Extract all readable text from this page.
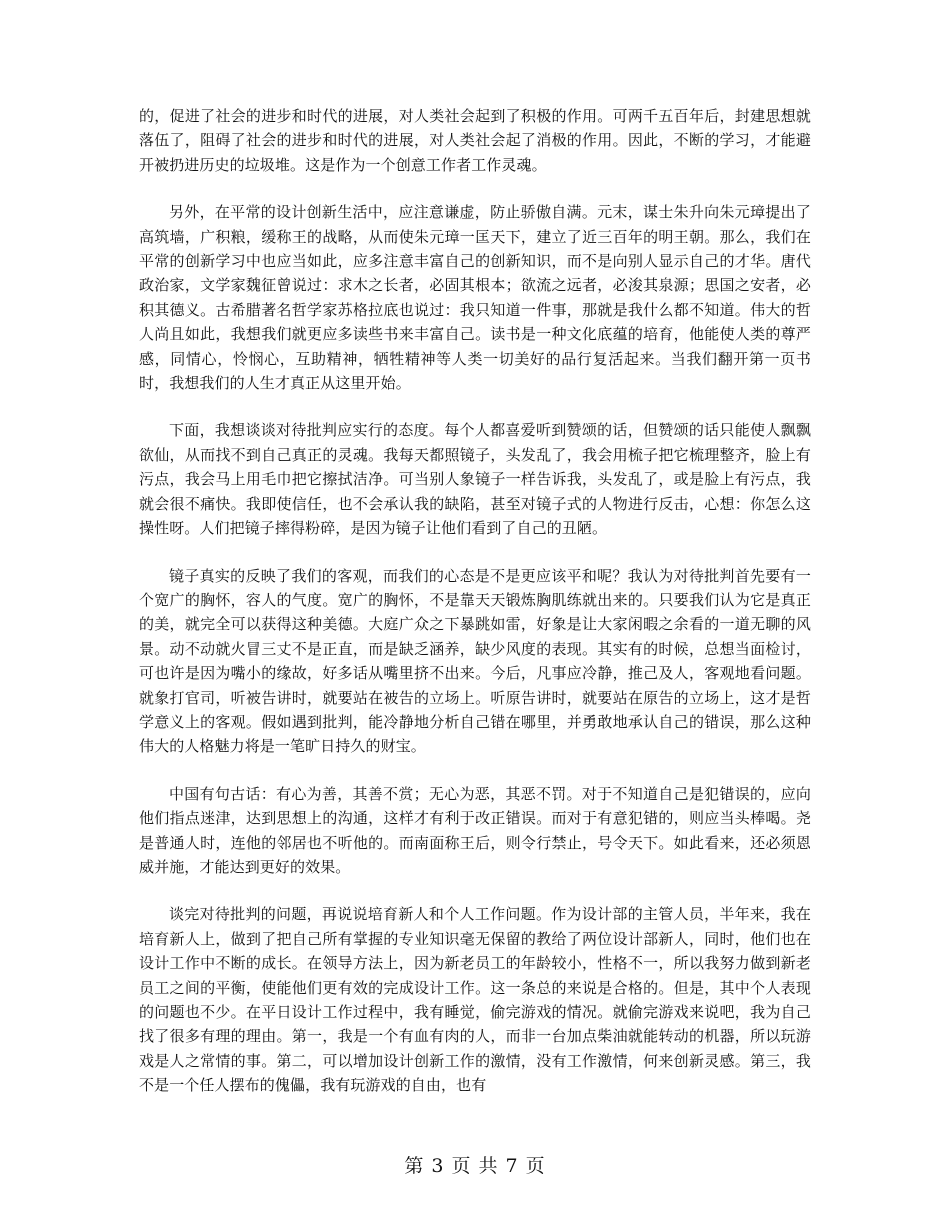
的，促进了社会的进步和时代的进展，对人类社会起到了积极的作用。可两千五百年后，封建思想就落伍了，阻碍了社会的进步和时代的进展，对人类社会起了消极的作用。因此，不断的学习，才能避开被扔进历史的垃圾堆。这是作为一个创意工作者工作灵魂。

另外，在平常的设计创新生活中，应注意谦虚，防止骄傲自满。元末，谋士朱升向朱元璋提出了高筑墙，广积粮，缓称王的战略，从而使朱元璋一匡天下，建立了近三百年的明王朝。那么，我们在平常的创新学习中也应当如此，应多注意丰富自己的创新知识，而不是向别人显示自己的才华。唐代政治家，文学家魏征曾说过：求木之长者，必固其根本；欲流之远者，必浚其泉源；思国之安者，必积其德义。古希腊著名哲学家苏格拉底也说过：我只知道一件事，那就是我什么都不知道。伟大的哲人尚且如此，我想我们就更应多读些书来丰富自己。读书是一种文化底蕴的培育，他能使人类的尊严感，同情心，怜悯心，互助精神，牺牲精神等人类一切美好的品行复活起来。当我们翻开第一页书时，我想我们的人生才真正从这里开始。

下面，我想谈谈对待批判应实行的态度。每个人都喜爱听到赞颂的话，但赞颂的话只能使人飘飘欲仙，从而找不到自己真正的灵魂。我每天都照镜子，头发乱了，我会用梳子把它梳理整齐，脸上有污点，我会马上用毛巾把它擦拭洁净。可当别人象镜子一样告诉我，头发乱了，或是脸上有污点，我就会很不痛快。我即使信任，也不会承认我的缺陷，甚至对镜子式的人物进行反击，心想：你怎么这操性呀。人们把镜子摔得粉碎，是因为镜子让他们看到了自己的丑陋。

镜子真实的反映了我们的客观，而我们的心态是不是更应该平和呢？我认为对待批判首先要有一个宽广的胸怀，容人的气度。宽广的胸怀，不是靠天天锻炼胸肌练就出来的。只要我们认为它是真正的美，就完全可以获得这种美德。大庭广众之下暴跳如雷，好象是让大家闲暇之余看的一道无聊的风景。动不动就火冒三丈不是正直，而是缺乏涵养，缺少风度的表现。其实有的时候，总想当面检讨，可也许是因为嘴小的缘故，好多话从嘴里挤不出来。今后，凡事应冷静，推己及人，客观地看问题。就象打官司，听被告讲时，就要站在被告的立场上。听原告讲时，就要站在原告的立场上，这才是哲学意义上的客观。假如遇到批判，能冷静地分析自己错在哪里，并勇敢地承认自己的错误，那么这种伟大的人格魅力将是一笔旷日持久的财宝。

中国有句古话：有心为善，其善不赏；无心为恶，其恶不罚。对于不知道自己是犯错误的，应向他们指点迷津，达到思想上的沟通，这样才有利于改正错误。而对于有意犯错的，则应当头棒喝。尧是普通人时，连他的邻居也不听他的。而南面称王后，则令行禁止，号令天下。如此看来，还必须恩威并施，才能达到更好的效果。

谈完对待批判的问题，再说说培育新人和个人工作问题。作为设计部的主管人员，半年来，我在培育新人上，做到了把自己所有掌握的专业知识毫无保留的教给了两位设计部新人，同时，他们也在设计工作中不断的成长。在领导方法上，因为新老员工的年龄较小，性格不一，所以我努力做到新老员工之间的平衡，使能他们更有效的完成设计工作。这一条总的来说是合格的。但是，其中个人表现的问题也不少。在平日设计工作过程中，我有睡觉，偷完游戏的情况。就偷完游戏来说吧，我为自己找了很多有理的理由。第一，我是一个有血有肉的人，而非一台加点柴油就能转动的机器，所以玩游戏是人之常情的事。第二，可以增加设计创新工作的激情，没有工作激情，何来创新灵感。第三，我不是一个任人摆布的傀儡，我有玩游戏的自由，也有

第 3 页 共 7 页
